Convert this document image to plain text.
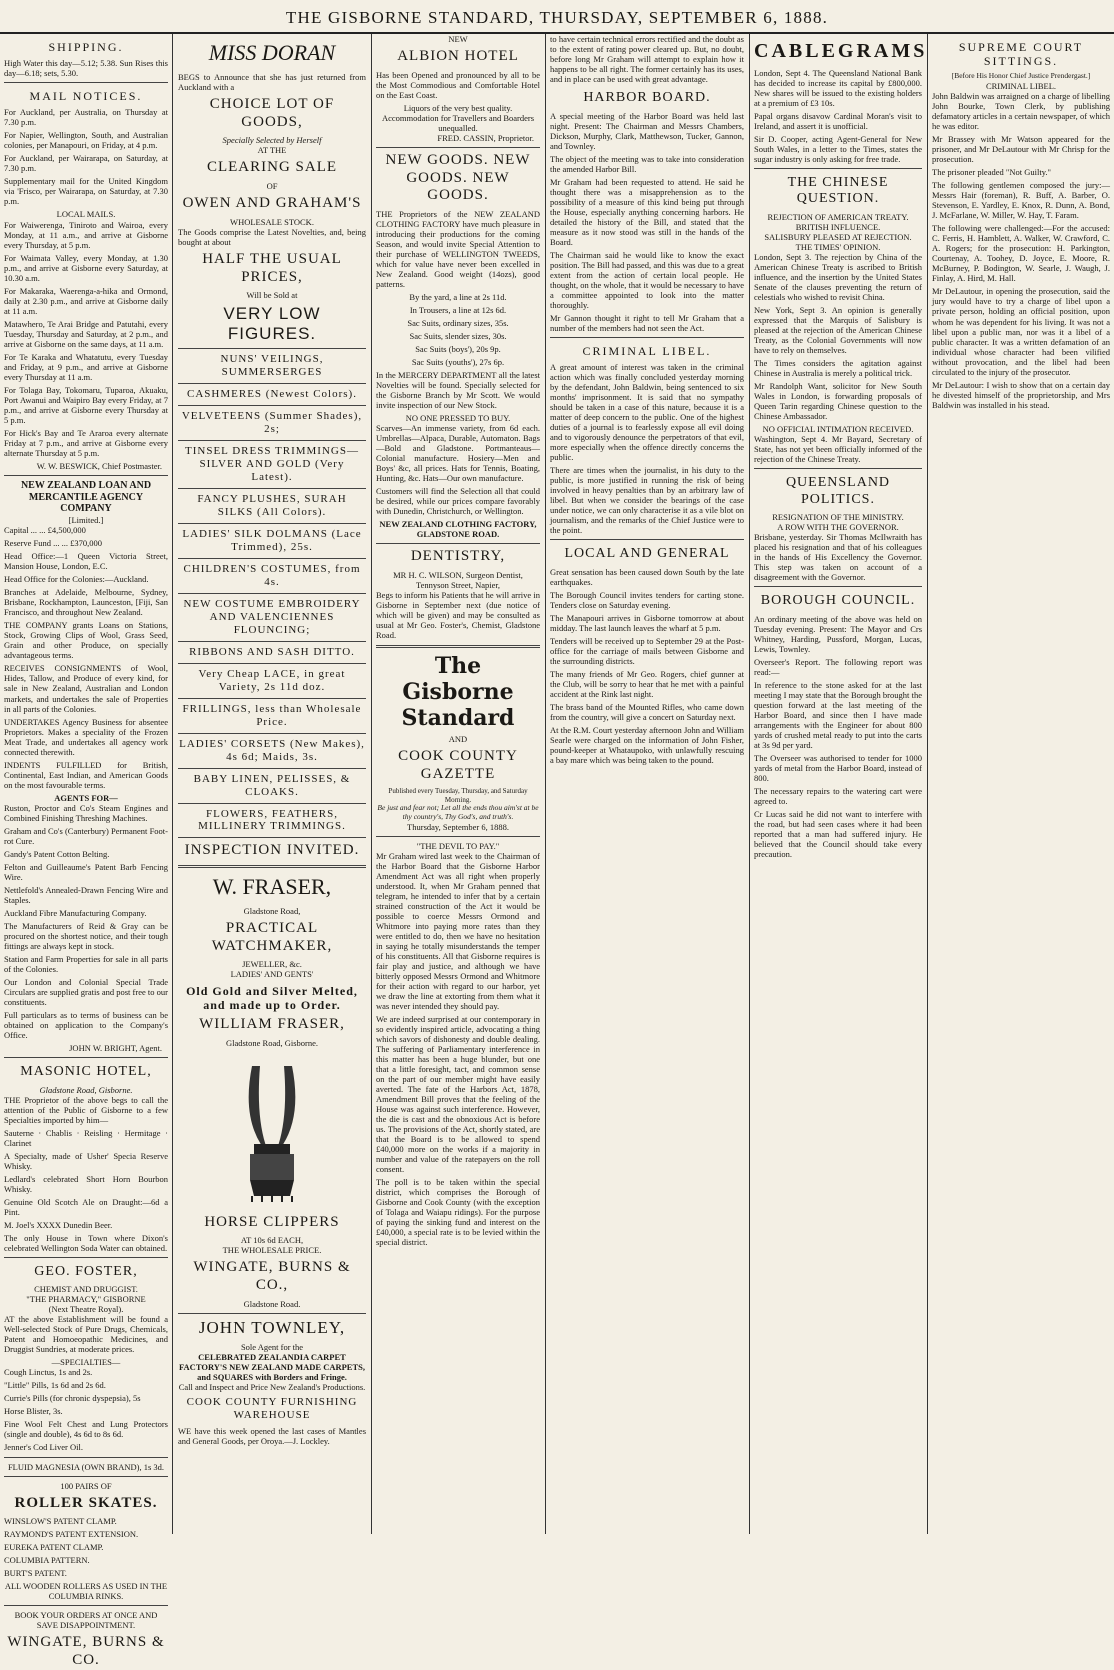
THE GISBORNE STANDARD, THURSDAY, SEPTEMBER 6, 1888.
SHIPPING.

High Water this day—5.12; 5.38. Sun Rises this day—6.18; sets, 5.30.

MAIL NOTICES.

For Auckland, per Australia, on Thursday at 7.30 p.m.

For Napier, Wellington, South, and Australian colonies, per Manapouri, on Friday, at 4 p.m.

For Auckland, per Wairarapa, on Saturday, at 7.30 p.m.

Supplementary mail for the United Kingdom via 'Frisco, per Wairarapa, on Saturday, at 7.30 p.m.

LOCAL MAILS.

For Waiwerenga, Tiniroto and Wairoa, every Monday, at 11 a.m., and arrive at Gisborne every Thursday, at 5 p.m.

For Waimata Valley, every Monday, at 1.30 p.m., and arrive at Gisborne every Saturday, at 10.30 a.m.

For Makaraka, Waerenga-a-hika and Ormond, daily at 2.30 p.m., and arrive at Gisborne daily at 11 a.m.

Matawhero, Te Arai Bridge and Patutahi, every Tuesday, Thursday and Saturday, at 2 p.m., and arrive at Gisborne on the same days, at 11 a.m.

For Te Karaka and Whatatutu, every Tuesday and Friday, at 9 p.m., and arrive at Gisborne every Thursday at 11 a.m.

For Tolaga Bay, Tokomaru, Tuparoa, Akuaku, Port Awanui and Waipiro Bay every Friday, at 7 p.m., and arrive at Gisborne every Thursday at 5 p.m.

For Hick's Bay and Te Araroa every alternate Friday at 7 p.m., and arrive at Gisborne every alternate Thursday at 5 p.m.

W. W. BESWICK, Chief Postmaster.

NEW ZEALAND LOAN AND MERCANTILE AGENCY COMPANY
[Limited.]

Capital ... ... £4,500,000

Reserve Fund ... ... £370,000

Head Office:—1 Queen Victoria Street, Mansion House, London, E.C.

Head Office for the Colonies:—Auckland.

Branches at Adelaide, Melbourne, Sydney, Brisbane, Rockhampton, Launceston, [Fiji, San Francisco, and throughout New Zealand.

THE COMPANY grants Loans on Stations, Stock, Growing Clips of Wool, Grass Seed, Grain and other Produce, on specially advantageous terms.

RECEIVES CONSIGNMENTS of Wool, Hides, Tallow, and Produce of every kind, for sale in New Zealand, Australian and London markets, and undertakes the sale of Properties in all parts of the Colonies.

UNDERTAKES Agency Business for absentee Proprietors. Makes a speciality of the Frozen Meat Trade, and undertakes all agency work connected therewith.

INDENTS FULFILLED for British, Continental, East Indian, and American Goods on the most favourable terms.

AGENTS FOR—

Ruston, Proctor and Co's Steam Engines and Combined Finishing Threshing Machines.

Graham and Co's (Canterbury) Permanent Foot-rot Cure.

Gandy's Patent Cotton Belting.

Felton and Guilleaume's Patent Barb Fencing Wire.

Nettlefold's Annealed-Drawn Fencing Wire and Staples.

Auckland Fibre Manufacturing Company.

The Manufacturers of Reid & Gray can be procured on the shortest notice, and their tough fittings are always kept in stock.

Station and Farm Properties for sale in all parts of the Colonies.

Our London and Colonial Special Trade Circulars are supplied gratis and post free to our constituents.

Full particulars as to terms of business can be obtained on application to the Company's Office.

JOHN W. BRIGHT, Agent.

MASONIC HOTEL,
Gladstone Road, Gisborne.

THE Proprietor of the above begs to call the attention of the Public of Gisborne to a few Specialties imported by him—

Sauterne · Chablis · Reisling · Hermitage · Clarinet

A Specialty, made of Usher' Specia Reserve Whisky.

Ledlard's celebrated Short Horn Bourbon Whisky.

Genuine Old Scotch Ale on Draught:—6d a Pint.

M. Joel's XXXX Dunedin Beer.

The only House in Town where Dixon's celebrated Wellington Soda Water can obtained.

GEO. FOSTER,
CHEMIST AND DRUGGIST.
"THE PHARMACY," GISBORNE
(Next Theatre Royal).

AT the above Establishment will be found a Well-selected Stock of Pure Drugs, Chemicals, Patent and Homoeopathic Medicines, and Druggist Sundries, at moderate prices.

—SPECIALTIES—

Cough Linctus, 1s and 2s.

"Little" Pills, 1s 6d and 2s 6d.

Currie's Pills (for chronic dyspepsia), 5s

Horse Blister, 3s.

Fine Wool Felt Chest and Lung Protectors (single and double), 4s 6d to 8s 6d.

Jenner's Cod Liver Oil.

FLUID MAGNESIA (OWN BRAND), 1s 3d.
100 PAIRS OF
ROLLER SKATES.

WINSLOW'S PATENT CLAMP.

RAYMOND'S PATENT EXTENSION.

EUREKA PATENT CLAMP.

COLUMBIA PATTERN.

BURT'S PATENT.

ALL WOODEN ROLLERS AS USED IN THE COLUMBIA RINKS.
BOOK YOUR ORDERS AT ONCE AND SAVE DISAPPOINTMENT.
WINGATE, BURNS & CO.
MISS DORAN

BEGS to Announce that she has just returned from Auckland with a

CHOICE LOT OF GOODS,
Specially Selected by Herself
AT THE
CLEARING SALE
OF
OWEN AND GRAHAM'S
WHOLESALE STOCK.

The Goods comprise the Latest Novelties, and, being bought at about

HALF THE USUAL PRICES,
Will be Sold at
VERY LOW FIGURES.
NUNS' VEILINGS, SUMMERSERGES
CASHMERES (Newest Colors).
VELVETEENS (Summer Shades), 2s;
TINSEL DRESS TRIMMINGS—SILVER AND GOLD (Very Latest).
FANCY PLUSHES, SURAH SILKS (All Colors).
LADIES' SILK DOLMANS (Lace Trimmed), 25s.
CHILDREN'S COSTUMES, from 4s.
NEW COSTUME EMBROIDERY AND VALENCIENNES FLOUNCING;
RIBBONS AND SASH DITTO.
Very Cheap LACE, in great Variety, 2s 11d doz.
FRILLINGS, less than Wholesale Price.
LADIES' CORSETS (New Makes), 4s 6d; Maids, 3s.
BABY LINEN, PELISSES, & CLOAKS.
FLOWERS, FEATHERS, MILLINERY TRIMMINGS.
INSPECTION INVITED.
W. FRASER,
Gladstone Road,
PRACTICAL WATCHMAKER,
JEWELLER, &c.
LADIES' AND GENTS'
Old Gold and Silver Melted, and made up to Order.
WILLIAM FRASER,
Gladstone Road, Gisborne.
HORSE CLIPPERS
AT 10s 6d EACH,
THE WHOLESALE PRICE.
WINGATE, BURNS & CO.,
Gladstone Road.
JOHN TOWNLEY,
Sole Agent for the
CELEBRATED ZEALANDIA CARPET FACTORY'S NEW ZEALAND MADE CARPETS, and SQUARES with Borders and Fringe.
Call and Inspect and Price New Zealand's Productions.
COOK COUNTY FURNISHING WAREHOUSE

WE have this week opened the last cases of Mantles and General Goods, per Oroya.—J. Lockley.

NEW
ALBION HOTEL

Has been Opened and pronounced by all to be the Most Commodious and Comfortable Hotel on the East Coast.

Liquors of the very best quality.
Accommodation for Travellers and Boarders unequalled.

FRED. CASSIN, Proprietor.

NEW GOODS. NEW GOODS. NEW GOODS.

THE Proprietors of the NEW ZEALAND CLOTHING FACTORY have much pleasure in introducing their productions for the coming Season, and would invite Special Attention to their purchase of WELLINGTON TWEEDS, which for value have never been excelled in New Zealand. Good weight (14ozs), good patterns.

By the yard, a line at 2s 11d.

In Trousers, a line at 12s 6d.

Sac Suits, ordinary sizes, 35s.

Sac Suits, slender sizes, 30s.

Sac Suits (boys'), 20s 9p.

Sac Suits (youths'), 27s 6p.

In the MERCERY DEPARTMENT all the latest Novelties will be found. Specially selected for the Gisborne Branch by Mr Scott. We would invite inspection of our New Stock.

NO ONE PRESSED TO BUY.

Scarves—An immense variety, from 6d each. Umbrellas—Alpaca, Durable, Automaton. Bags—Bold and Gladstone. Portmanteaus—Colonial manufacture. Hosiery—Men and Boys' &c, all prices. Hats for Tennis, Boating, Hunting, &c. Hats—Our own manufacture.

Customers will find the Selection all that could be desired, while our prices compare favorably with Dunedin, Christchurch, or Wellington.

NEW ZEALAND CLOTHING FACTORY, GLADSTONE ROAD.
DENTISTRY,
MR H. C. WILSON, Surgeon Dentist, Tennyson Street, Napier,

Begs to inform his Patients that he will arrive in Gisborne in September next (due notice of which will be given) and may be consulted as usual at Mr Geo. Foster's, Chemist, Gladstone Road.

The Gisborne Standard
AND
COOK COUNTY GAZETTE
Published every Tuesday, Thursday, and Saturday Morning.
Be just and fear not; Let all the ends thou aim'st at be thy country's, Thy God's, and truth's.
Thursday, September 6, 1888.
"THE DEVIL TO PAY."

Mr Graham wired last week to the Chairman of the Harbor Board that the Gisborne Harbor Amendment Act was all right when properly understood. It, when Mr Graham penned that telegram, he intended to infer that by a certain strained construction of the Act it would be possible to coerce Messrs Ormond and Whitmore into paying more rates than they were entitled to do, then we have no hesitation in saying he totally misunderstands the temper of his constituents. All that Gisborne requires is fair play and justice, and although we have bitterly opposed Messrs Ormond and Whitmore for their action with regard to our harbor, yet we draw the line at extorting from them what it was never intended they should pay.

We are indeed surprised at our contemporary in so evidently inspired article, advocating a thing which savors of dishonesty and double dealing. The suffering of Parliamentary interference in this matter has been a huge blunder, but one that a little foresight, tact, and common sense on the part of our member might have easily averted. The fate of the Harbors Act, 1878, Amendment Bill proves that the feeling of the House was against such interference. However, the die is cast and the obnoxious Act is before us. The provisions of the Act, shortly stated, are that the Board is to be allowed to spend £40,000 more on the works if a majority in number and value of the ratepayers on the roll consent.

The poll is to be taken within the special district, which comprises the Borough of Gisborne and Cook County (with the exception of Tolaga and Waiapu ridings). For the purpose of paying the sinking fund and interest on the £40,000, a special rate is to be levied within the special district.

to have certain technical errors rectified and the doubt as to the extent of rating power cleared up. But, no doubt, before long Mr Graham will attempt to explain how it happens to be all right. The former certainly has its uses, and in place can be used with great advantage.

HARBOR BOARD.

A special meeting of the Harbor Board was held last night. Present: The Chairman and Messrs Chambers, Dickson, Murphy, Clark, Matthewson, Tucker, Gannon, and Townley.

The object of the meeting was to take into consideration the amended Harbor Bill.

Mr Graham had been requested to attend. He said he thought there was a misapprehension as to the possibility of a measure of this kind being put through the House, especially anything concerning harbors. He detailed the history of the Bill, and stated that the measure as it now stood was still in the hands of the Board.

The Chairman said he would like to know the exact position. The Bill had passed, and this was due to a great extent from the action of certain local people. He thought, on the whole, that it would be necessary to have a committee appointed to look into the matter thoroughly.

Mr Gannon thought it right to tell Mr Graham that a number of the members had not seen the Act.

CRIMINAL LIBEL.

A great amount of interest was taken in the criminal action which was finally concluded yesterday morning by the defendant, John Baldwin, being sentenced to six months' imprisonment. It is said that no sympathy should be taken in a case of this nature, because it is a matter of deep concern to the public. One of the highest duties of a journal is to fearlessly expose all evil doing and to vigorously denounce the perpetrators of that evil, more especially when the offence directly concerns the public.

There are times when the journalist, in his duty to the public, is more justified in running the risk of being involved in heavy penalties than by an arbitrary law of libel. But when we consider the bearings of the case under notice, we can only characterise it as a vile blot on journalism, and the remarks of the Chief Justice were to the point.

LOCAL AND GENERAL

Great sensation has been caused down South by the late earthquakes.

The Borough Council invites tenders for carting stone. Tenders close on Saturday evening.

The Manapouri arrives in Gisborne tomorrow at about midday. The last launch leaves the wharf at 5 p.m.

Tenders will be received up to September 29 at the Post-office for the carriage of mails between Gisborne and the surrounding districts.

The many friends of Mr Geo. Rogers, chief gunner at the Club, will be sorry to hear that he met with a painful accident at the Rink last night.

The brass band of the Mounted Rifles, who came down from the country, will give a concert on Saturday next.

At the R.M. Court yesterday afternoon John and William Searle were charged on the information of John Fisher, pound-keeper at Whataupoko, with unlawfully rescuing a bay mare which was being taken to the pound.

CABLEGRAMS

London, Sept 4. The Queensland National Bank has decided to increase its capital by £800,000. New shares will be issued to the existing holders at a premium of £3 10s.

Papal organs disavow Cardinal Moran's visit to Ireland, and assert it is unofficial.

Sir D. Cooper, acting Agent-General for New South Wales, in a letter to the Times, states the sugar industry is only asking for free trade.

THE CHINESE QUESTION.
REJECTION OF AMERICAN TREATY.
BRITISH INFLUENCE.
SALISBURY PLEASED AT REJECTION.
THE TIMES' OPINION.

London, Sept 3. The rejection by China of the American Chinese Treaty is ascribed to British influence, and the insertion by the United States Senate of the clauses preventing the return of celestials who wished to revisit China.

New York, Sept 3. An opinion is generally expressed that the Marquis of Salisbury is pleased at the rejection of the American Chinese Treaty, as the Colonial Governments will now have to rely on themselves.

The Times considers the agitation against Chinese in Australia is merely a political trick.

Mr Randolph Want, solicitor for New South Wales in London, is forwarding proposals of Queen Tarin regarding Chinese question to the Chinese Ambassador.

NO OFFICIAL INTIMATION RECEIVED.

Washington, Sept 4. Mr Bayard, Secretary of State, has not yet been officially informed of the rejection of the Chinese Treaty.

QUEENSLAND POLITICS.
RESIGNATION OF THE MINISTRY.
A ROW WITH THE GOVERNOR.

Brisbane, yesterday. Sir Thomas McIlwraith has placed his resignation and that of his colleagues in the hands of His Excellency the Governor. This step was taken on account of a disagreement with the Governor.

BOROUGH COUNCIL.

An ordinary meeting of the above was held on Tuesday evening. Present: The Mayor and Crs Whitney, Harding, Pussford, Morgan, Lucas, Lewis, Townley.

Overseer's Report. The following report was read:—

In reference to the stone asked for at the last meeting I may state that the Borough brought the question forward at the last meeting of the Harbor Board, and since then I have made arrangements with the Engineer for about 800 yards of crushed metal ready to put into the carts at 3s 9d per yard.

The Overseer was authorised to tender for 1000 yards of metal from the Harbor Board, instead of 800.

The necessary repairs to the watering cart were agreed to.

Cr Lucas said he did not want to interfere with the road, but had seen cases where it had been reported that a man had suffered injury. He believed that the Council should take every precaution.

SUPREME COURT SITTINGS.
[Before His Honor Chief Justice Prendergast.]
CRIMINAL LIBEL.

John Baldwin was arraigned on a charge of libelling John Bourke, Town Clerk, by publishing defamatory articles in a certain newspaper, of which he was editor.

Mr Brassey with Mr Watson appeared for the prisoner, and Mr DeLautour with Mr Chrisp for the prosecution.

The prisoner pleaded "Not Guilty."

The following gentlemen composed the jury:—Messrs Hair (foreman), R. Buff, A. Barber, O. Stevenson, E. Yardley, E. Knox, R. Dunn, A. Bond, J. McFarlane, W. Miller, W. Hay, T. Faram.

The following were challenged:—For the accused: C. Ferris, H. Hamblett, A. Walker, W. Crawford, C. A. Rogers; for the prosecution: H. Parkington, Courtenay, A. Toohey, D. Joyce, E. Moore, R. McBurney, P. Bodington, W. Searle, J. Waugh, J. Finlay, A. Hird, M. Hall.

Mr DeLautour, in opening the prosecution, said the jury would have to try a charge of libel upon a private person, holding an official position, upon whom he was dependent for his living. It was not a libel upon a public man, nor was it a libel of a public character. It was a written defamation of an individual whose character had been vilified without provocation, and the libel had been circulated to the injury of the prosecutor.

Mr DeLautour: I wish to show that on a certain day he divested himself of the proprietorship, and Mrs Baldwin was installed in his stead.
